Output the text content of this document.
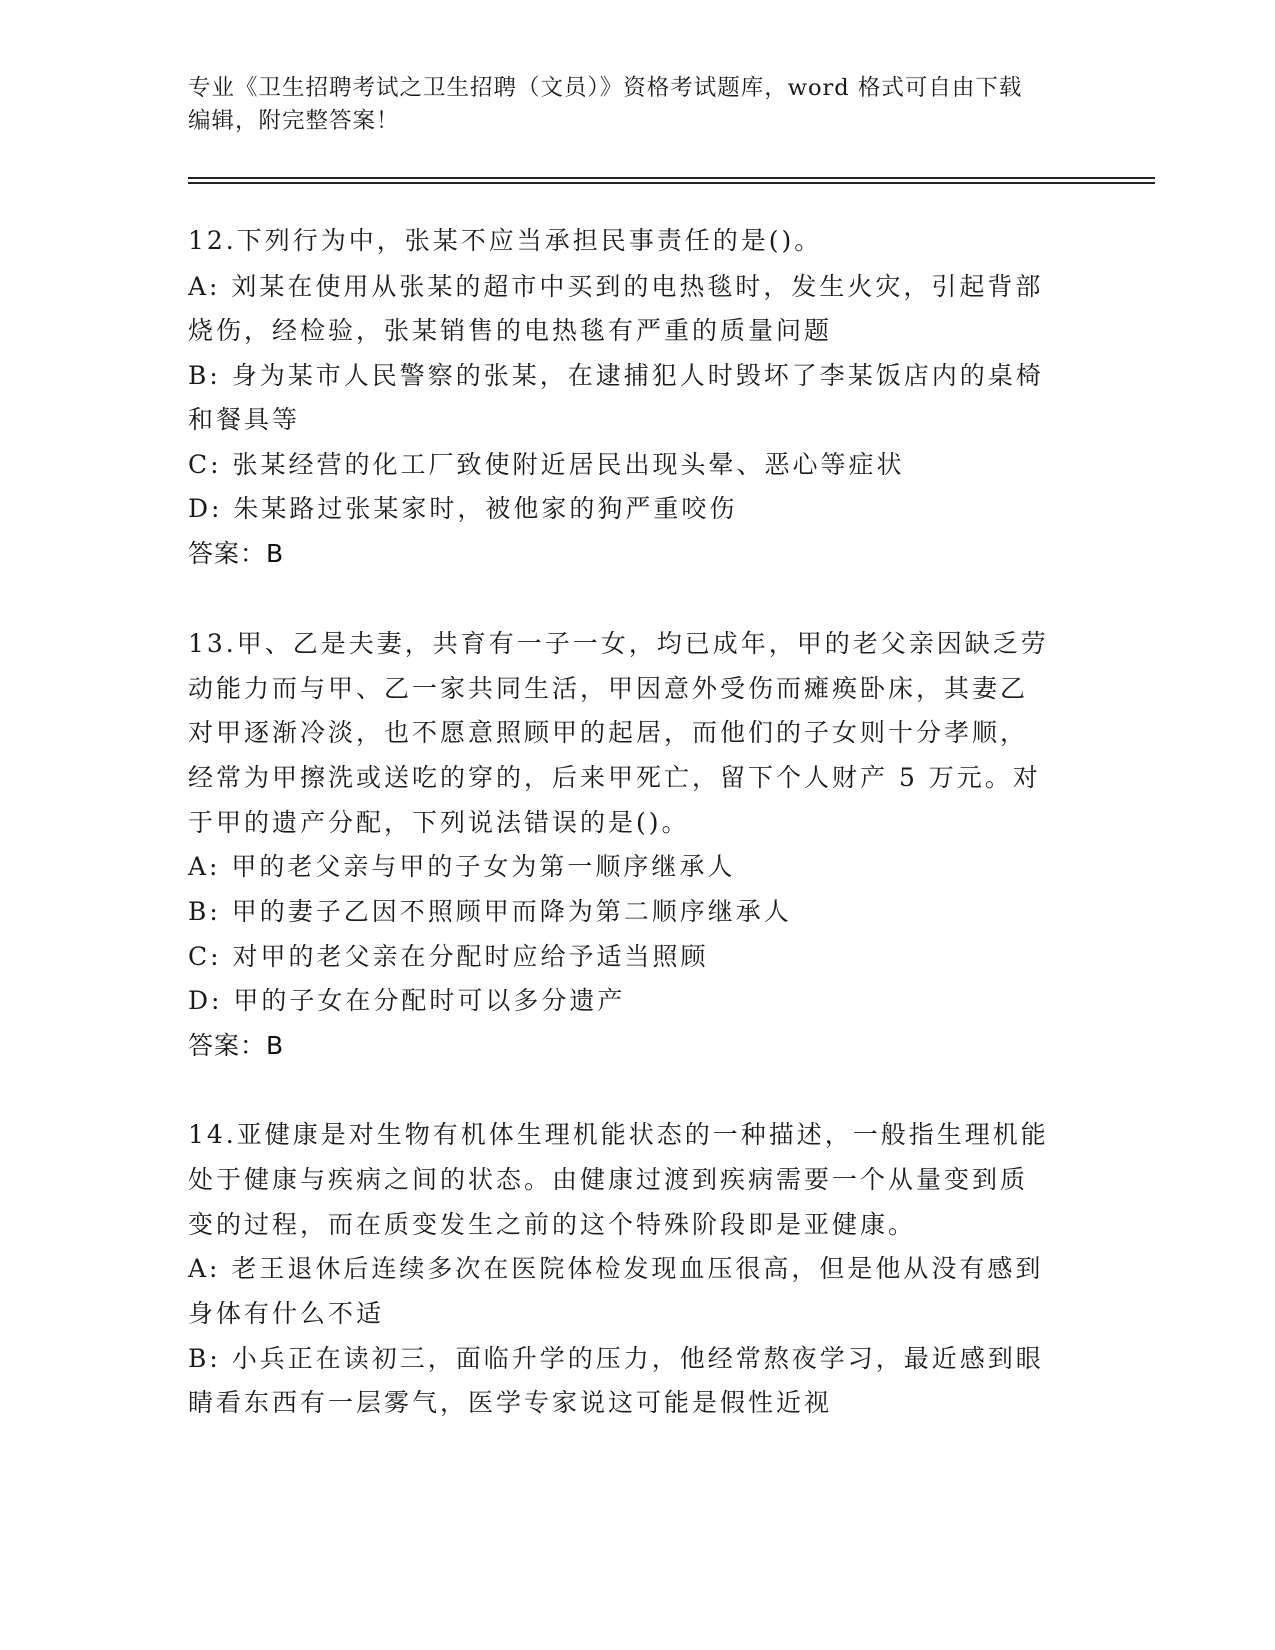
专业《卫生招聘考试之卫生招聘（文员）》资格考试题库，word 格式可自由下载
编辑，附完整答案！
12.下列行为中，张某不应当承担民事责任的是()。
A: 刘某在使用从张某的超市中买到的电热毯时，发生火灾，引起背部
烧伤，经检验，张某销售的电热毯有严重的质量问题
B: 身为某市人民警察的张某，在逮捕犯人时毁坏了李某饭店内的桌椅
和餐具等
C: 张某经营的化工厂致使附近居民出现头晕、恶心等症状
D: 朱某路过张某家时，被他家的狗严重咬伤
答案：B
13.甲、乙是夫妻，共育有一子一女，均已成年，甲的老父亲因缺乏劳
动能力而与甲、乙一家共同生活，甲因意外受伤而瘫痪卧床，其妻乙
对甲逐渐冷淡，也不愿意照顾甲的起居，而他们的子女则十分孝顺，
经常为甲擦洗或送吃的穿的，后来甲死亡，留下个人财产 5 万元。对
于甲的遗产分配，下列说法错误的是()。
A: 甲的老父亲与甲的子女为第一顺序继承人
B: 甲的妻子乙因不照顾甲而降为第二顺序继承人
C: 对甲的老父亲在分配时应给予适当照顾
D: 甲的子女在分配时可以多分遗产
答案：B
14.亚健康是对生物有机体生理机能状态的一种描述，一般指生理机能
处于健康与疾病之间的状态。由健康过渡到疾病需要一个从量变到质
变的过程，而在质变发生之前的这个特殊阶段即是亚健康。
A: 老王退休后连续多次在医院体检发现血压很高，但是他从没有感到
身体有什么不适
B: 小兵正在读初三，面临升学的压力，他经常熬夜学习，最近感到眼
睛看东西有一层雾气，医学专家说这可能是假性近视
